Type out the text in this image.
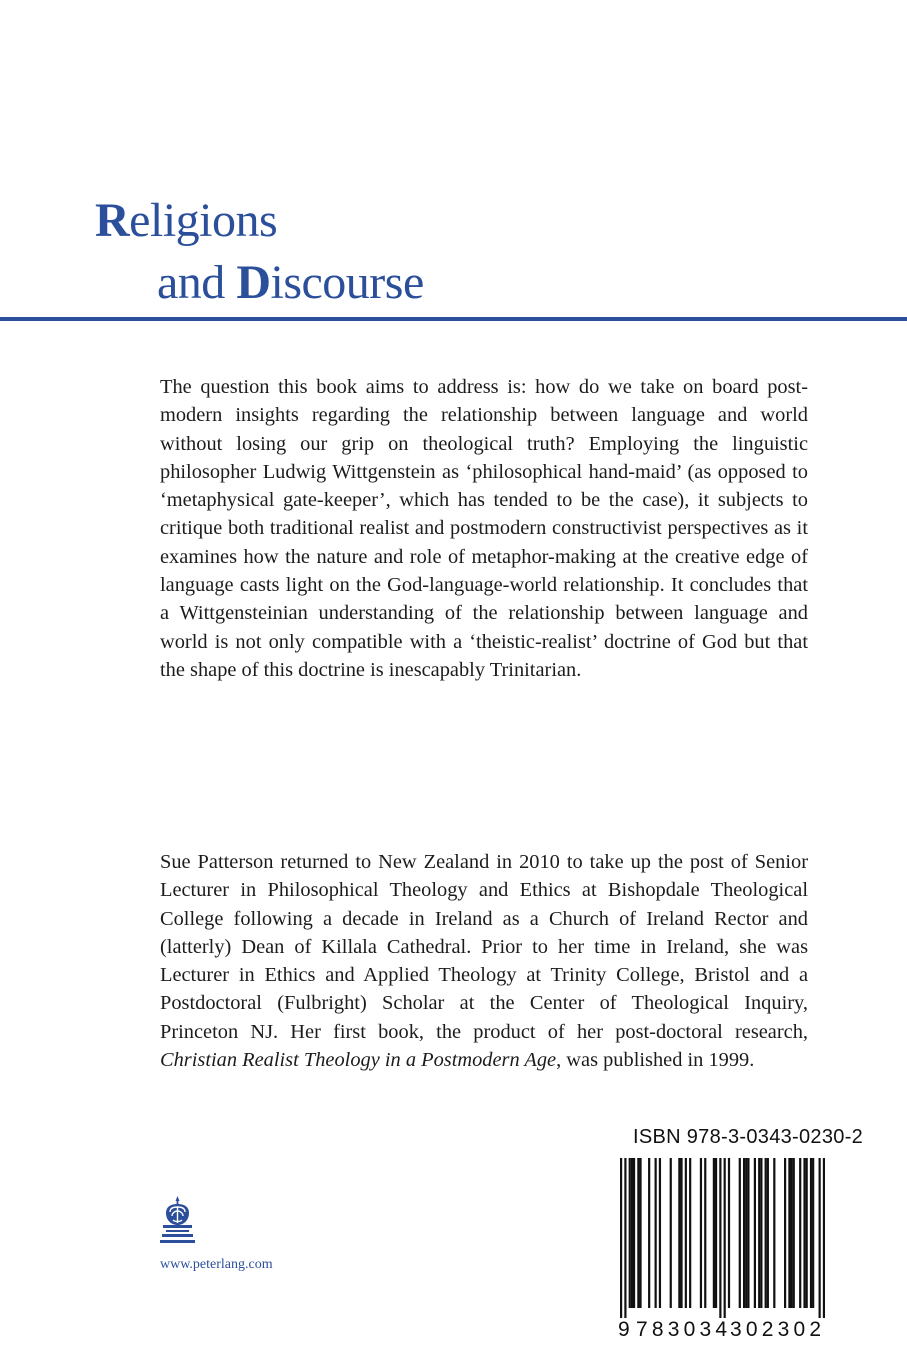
Religions
and Discourse

The question this book aims to address is: how do we take on board post-modern insights regarding the relationship between language and world without losing our grip on theological truth? Employing the linguistic philosopher Ludwig Wittgenstein as ‘philosophical hand-maid’ (as opposed to ‘metaphysical gate-keeper’, which has tended to be the case), it subjects to critique both traditional realist and postmodern constructivist perspectives as it examines how the nature and role of metaphor-making at the creative edge of language casts light on the God-language-world relationship. It concludes that a Wittgensteinian understanding of the relationship between language and world is not only compatible with a ‘theistic-realist’ doctrine of God but that the shape of this doctrine is inescapably Trinitarian.

Sue Patterson returned to New Zealand in 2010 to take up the post of Senior Lecturer in Philosophical Theology and Ethics at Bishopdale Theological College following a decade in Ireland as a Church of Ireland Rector and (latterly) Dean of Killala Cathedral. Prior to her time in Ireland, she was Lecturer in Ethics and Applied Theology at Trinity College, Bristol and a Postdoctoral (Fulbright) Scholar at the Center of Theological Inquiry, Princeton NJ. Her first book, the product of her post-doctoral research, Christian Realist Theology in a Postmodern Age, was published in 1999.

www.peterlang.com
ISBN 978-3-0343-0230-2
9 783034
302302
